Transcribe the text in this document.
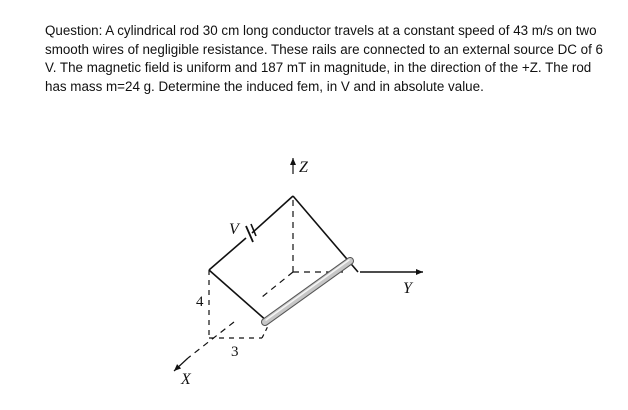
Question: A cylindrical rod 30 cm long conductor travels at a constant speed of 43 m/s on two
smooth wires of negligible resistance. These rails are connected to an external source DC of 6
V. The magnetic field is uniform and 187 mT in magnitude, in the direction of the +Z. The rod
has mass m=24 g. Determine the induced fem, in V and in absolute value.
Z
Y
X
V
4
3
